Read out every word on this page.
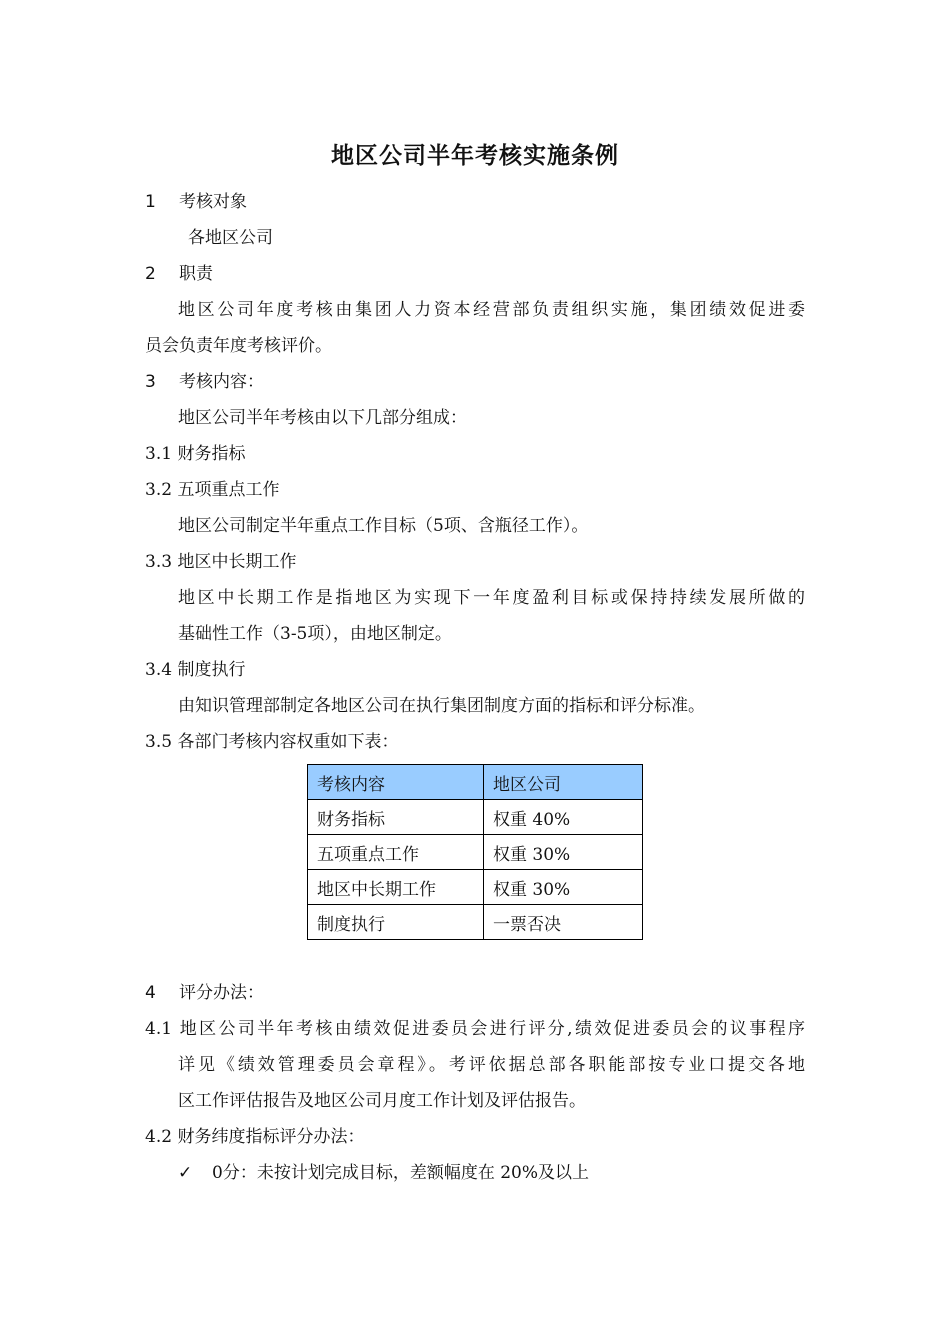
地区公司半年考核实施条例
1 考核对象
各地区公司
2 职责
地区公司年度考核由集团人力资本经营部负责组织实施，集团绩效促进委
员会负责年度考核评价。
3 考核内容：
地区公司半年考核由以下几部分组成：
3.1 财务指标
3.2 五项重点工作
地区公司制定半年重点工作目标（5项、含瓶径工作）。
3.3 地区中长期工作
地区中长期工作是指地区为实现下一年度盈利目标或保持持续发展所做的
基础性工作（3-5项），由地区制定。
3.4 制度执行
由知识管理部制定各地区公司在执行集团制度方面的指标和评分标准。
3.5 各部门考核内容权重如下表：
考核内容	地区公司
财务指标	权重 40%
五项重点工作	权重 30%
地区中长期工作	权重 30%
制度执行	一票否决
4 评分办法：
4.1 地区公司半年考核由绩效促进委员会进行评分,绩效促进委员会的议事程序
详见《绩效管理委员会章程》。考评依据总部各职能部按专业口提交各地
区工作评估报告及地区公司月度工作计划及评估报告。
4.2 财务纬度指标评分办法：
✓ 0分：未按计划完成目标，差额幅度在 20%及以上
